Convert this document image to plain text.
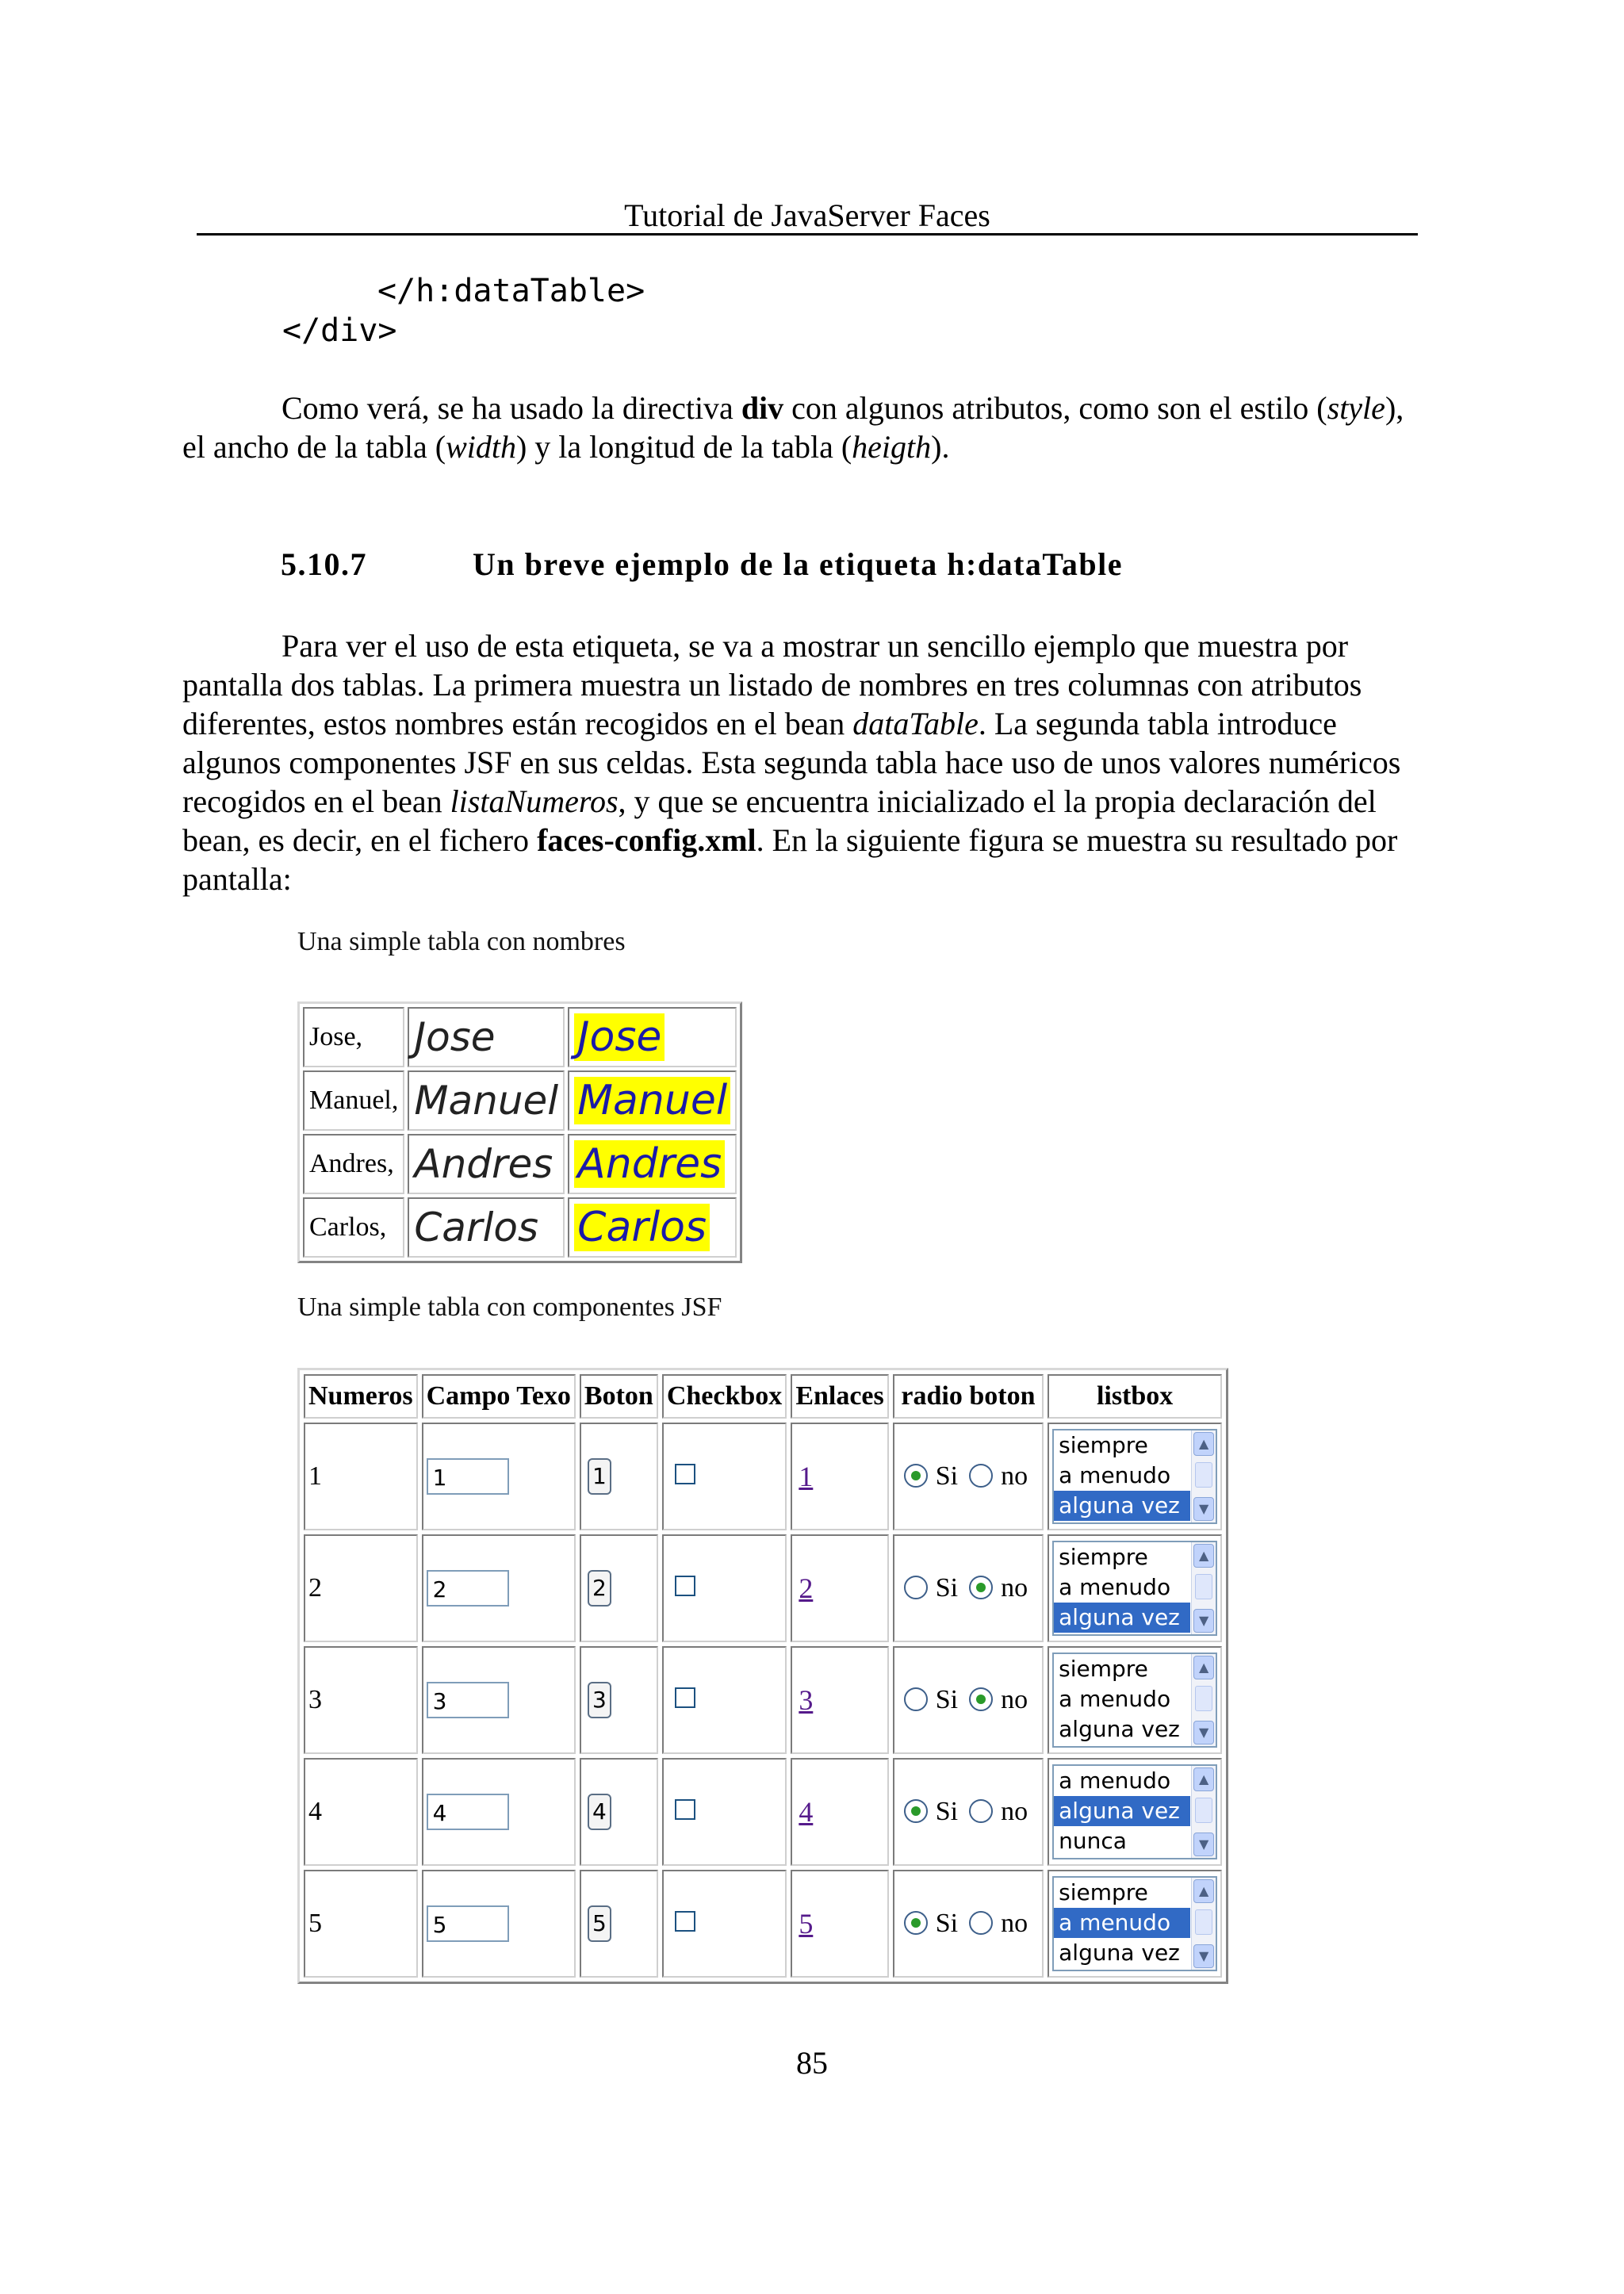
Tutorial de JavaServer Faces
</h:dataTable>
</div>
Como verá, se ha usado la directiva div con algunos atributos, como son el estilo (style), el ancho de la tabla (width) y la longitud de la tabla (heigth).
5.10.7	Un breve ejemplo de la etiqueta h:dataTable
Para ver el uso de esta etiqueta, se va a mostrar un sencillo ejemplo que muestra por pantalla dos tablas. La primera muestra un listado de nombres en tres columnas con atributos diferentes, estos nombres están recogidos en el bean dataTable. La segunda tabla introduce algunos componentes JSF en sus celdas. Esta segunda tabla hace uso de unos valores numéricos recogidos en el bean listaNumeros, y que se encuentra inicializado el la propia declaración del bean, es decir, en el fichero faces-config.xml. En la siguiente figura se muestra su resultado por pantalla:
Una simple tabla con nombres
Jose,	Jose	Jose
Manuel,	Manuel	Manuel
Andres,	Andres	Andres
Carlos,	Carlos	Carlos
Una simple tabla con componentes JSF
Numeros	Campo Texo	Boton	Checkbox	Enlaces	radio boton	listbox
1	1	1		1	Si no	siempre
a menudo
alguna vez
▲
▼

2	2	2		2	Si no	siempre
a menudo
alguna vez
▲
▼

3	3	3		3	Si no	siempre
a menudo
alguna vez
▲
▼

4	4	4		4	Si no	a menudo
alguna vez
nunca
▲
▼

5	5	5		5	Si no	siempre
a menudo
alguna vez
▲
▼
85
